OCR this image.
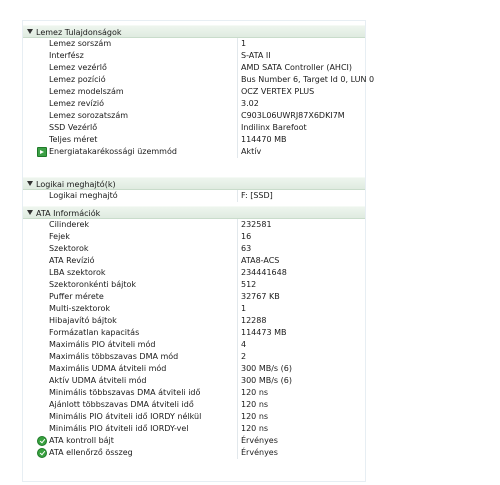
Lemez Tulajdonságok
Lemez sorszám	1
Interfész	S-ATA II
Lemez vezérlő	AMD SATA Controller (AHCI)
Lemez pozíció	Bus Number 6, Target Id 0, LUN 0
Lemez modelszám	OCZ VERTEX PLUS
Lemez revízió	3.02
Lemez sorozatszám	C903L06UWRJ87X6DKI7M
SSD Vezérlő	Indilinx Barefoot
Teljes méret	114470 MB
Energiatakarékossági üzemmód	Aktív
Logikai meghajtó(k)
Logikai meghajtó	F: [SSD]
ATA Információk
Cilinderek	232581
Fejek	16
Szektorok	63
ATA Revízió	ATA8-ACS
LBA szektorok	234441648
Szektoronkénti bájtok	512
Puffer mérete	32767 KB
Multi-szektorok	1
Hibajavító bájtok	12288
Formázatlan kapacitás	114473 MB
Maximális PIO átviteli mód	4
Maximális többszavas DMA mód	2
Maximális UDMA átviteli mód	300 MB/s (6)
Aktív UDMA átviteli mód	300 MB/s (6)
Minimális többszavas DMA átviteli idő	120 ns
Ajánlott többszavas DMA átviteli idő	120 ns
Minimális PIO átviteli idő IORDY nélkül	120 ns
Minimális PIO átviteli idő IORDY-vel	120 ns
ATA kontroll bájt	Érvényes
ATA ellenőrző összeg	Érvényes
